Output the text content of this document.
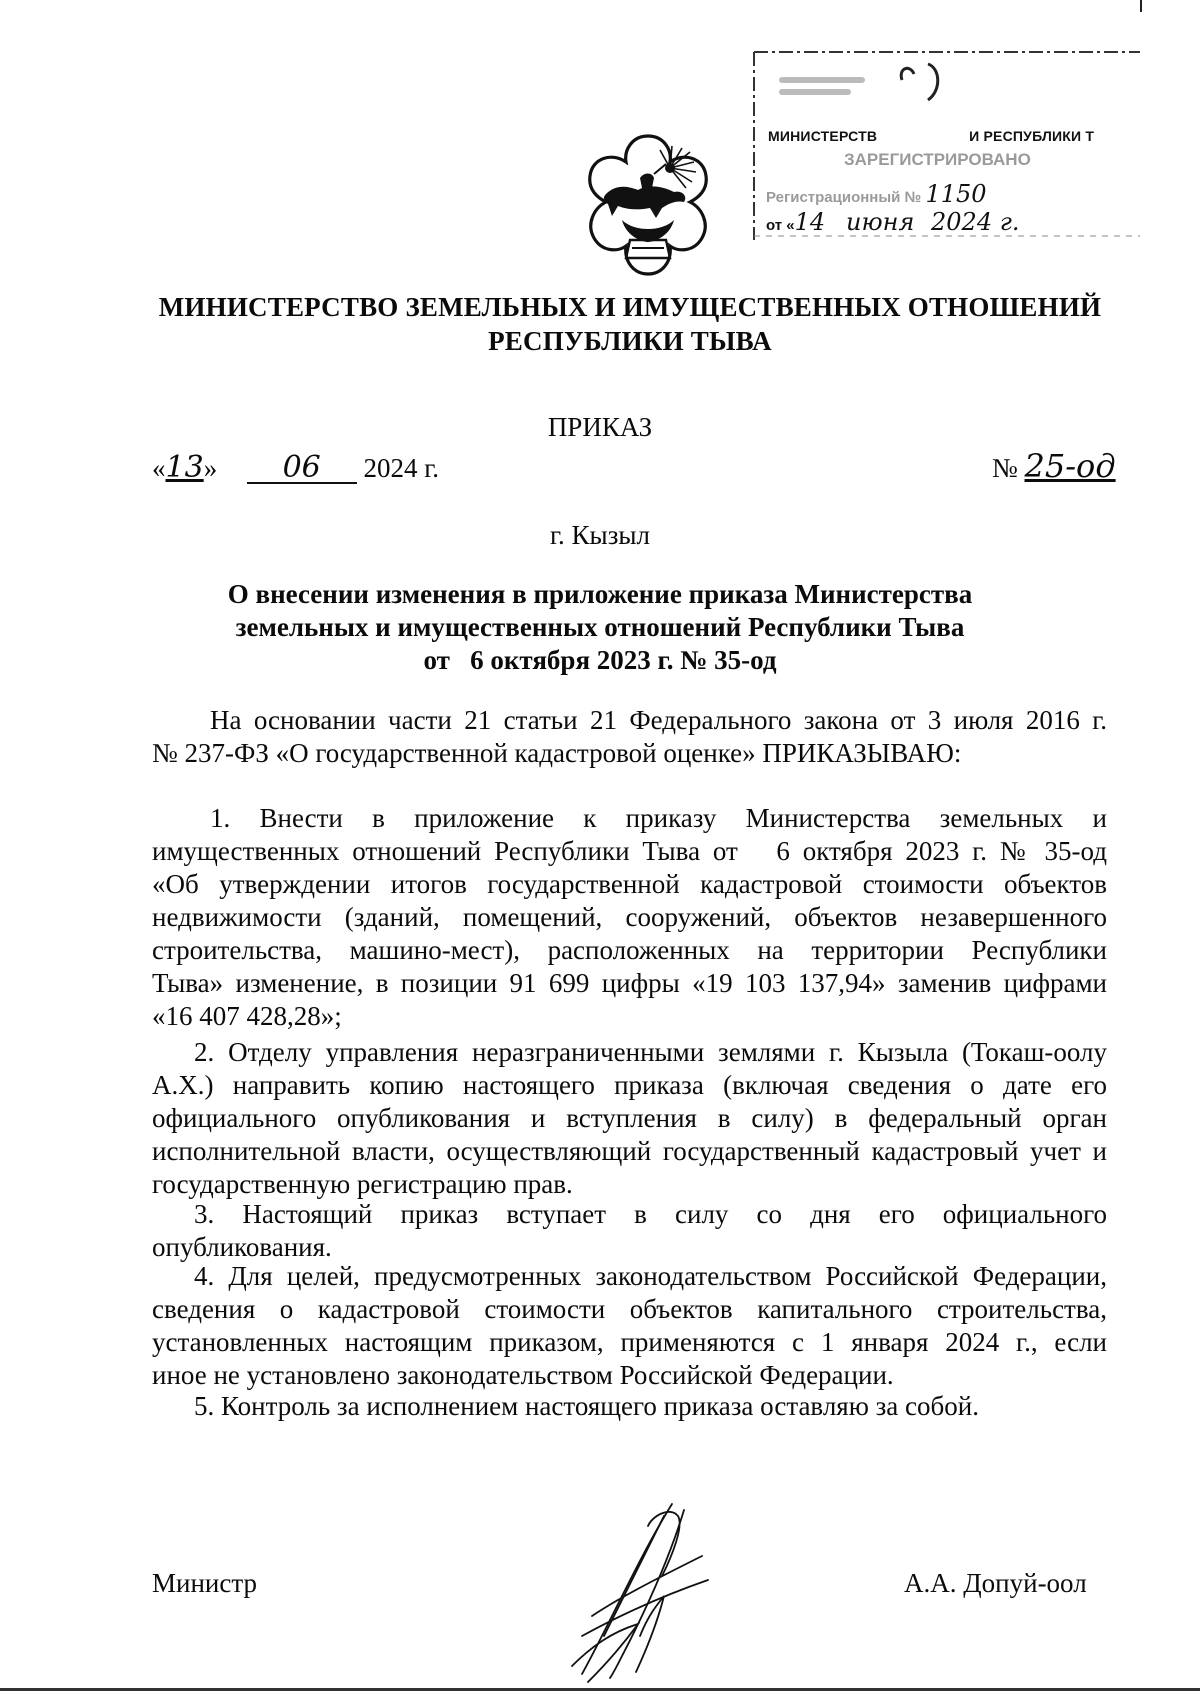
МИНИСТЕРСТВ	И РЕСПУБЛИКИ Т
ЗАРЕГИСТРИРОВАНО
Регистрационный № 1150
от «14 июня 2024 г.
МИНИСТЕРСТВО ЗЕМЕЛЬНЫХ И ИМУЩЕСТВЕННЫХ ОТНОШЕНИЙ
РЕСПУБЛИКИ ТЫВА
ПРИКАЗ
«13» 06 2024 г.	№ 25-од
г. Кызыл
О внесении изменения в приложение приказа Министерства
земельных и имущественных отношений Республики Тыва
от   6 октября 2023 г. № 35-од
На основании части 21 статьи 21 Федерального закона от 3 июля 2016 г.
№ 237-ФЗ «О государственной кадастровой оценке» ПРИКАЗЫВАЮ:
1. Внести в приложение к приказу Министерства земельных и
имущественных отношений Республики Тыва от   6 октября 2023 г. № 35-од
«Об утверждении итогов государственной кадастровой стоимости объектов
недвижимости (зданий, помещений, сооружений, объектов незавершенного
строительства, машино-мест), расположенных на территории Республики
Тыва» изменение, в позиции 91 699 цифры «19 103 137,94» заменив цифрами
«16 407 428,28»;
2. Отделу управления неразграниченными землями г. Кызыла (Токаш-оолу
А.Х.) направить копию настоящего приказа (включая сведения о дате его
официального опубликования и вступления в силу) в федеральный орган
исполнительной власти, осуществляющий государственный кадастровый учет и
государственную регистрацию прав.
3. Настоящий приказ вступает в силу со дня его официального
опубликования.
4. Для целей, предусмотренных законодательством Российской Федерации,
сведения о кадастровой стоимости объектов капитального строительства,
установленных настоящим приказом, применяются с 1 января 2024 г., если
иное не установлено законодательством Российской Федерации.
5. Контроль за исполнением настоящего приказа оставляю за собой.
Министр	А.А. Допуй-оол
